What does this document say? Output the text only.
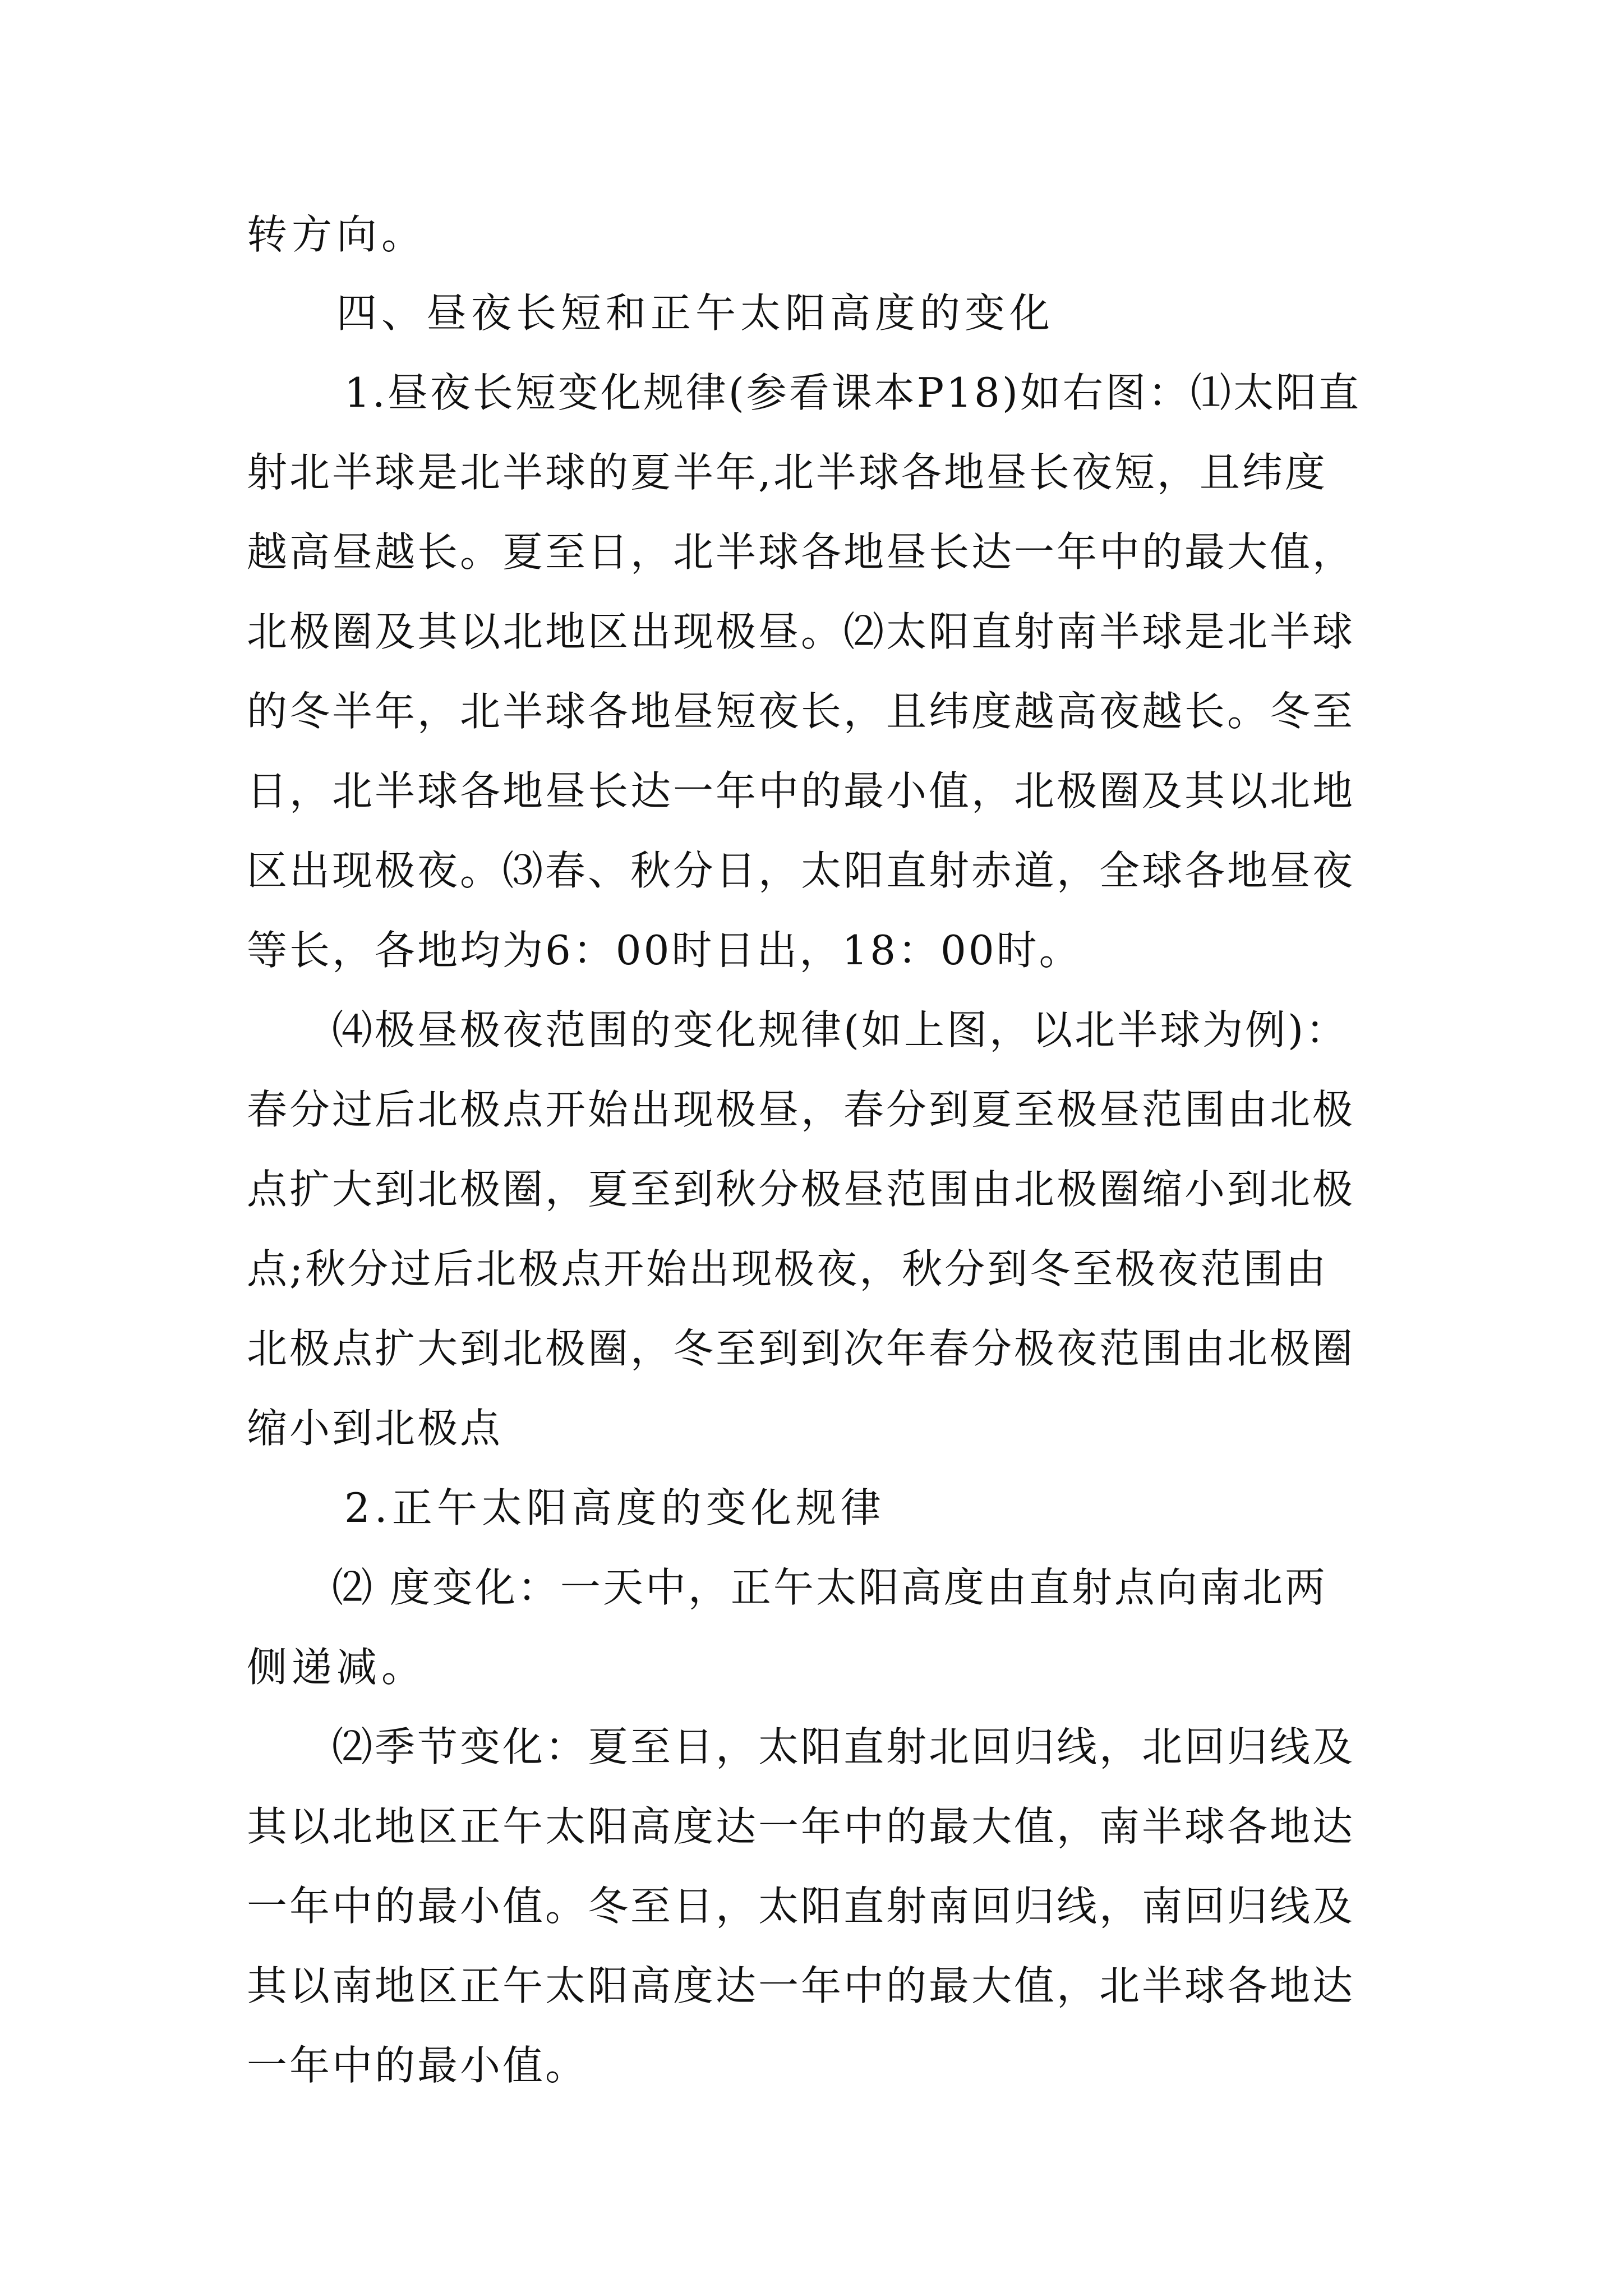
转方向。
四、昼夜长短和正午太阳高度的变化
1.昼夜长短变化规律(参看课本P18)如右图：⑴太阳直
射北半球是北半球的夏半年,北半球各地昼长夜短，且纬度
越高昼越长。夏至日，北半球各地昼长达一年中的最大值，
北极圈及其以北地区出现极昼。⑵太阳直射南半球是北半球
的冬半年，北半球各地昼短夜长，且纬度越高夜越长。冬至
日，北半球各地昼长达一年中的最小值，北极圈及其以北地
区出现极夜。⑶春、秋分日，太阳直射赤道，全球各地昼夜
等长，各地均为6：00时日出，18：00时。
⑷极昼极夜范围的变化规律(如上图，以北半球为例)：
春分过后北极点开始出现极昼，春分到夏至极昼范围由北极
点扩大到北极圈，夏至到秋分极昼范围由北极圈缩小到北极
点;秋分过后北极点开始出现极夜，秋分到冬至极夜范围由
北极点扩大到北极圈，冬至到到次年春分极夜范围由北极圈
缩小到北极点
2.正午太阳高度的变化规律
⑵ 度变化：一天中，正午太阳高度由直射点向南北两
侧递减。
⑵季节变化：夏至日，太阳直射北回归线，北回归线及
其以北地区正午太阳高度达一年中的最大值，南半球各地达
一年中的最小值。冬至日，太阳直射南回归线，南回归线及
其以南地区正午太阳高度达一年中的最大值，北半球各地达
一年中的最小值。
